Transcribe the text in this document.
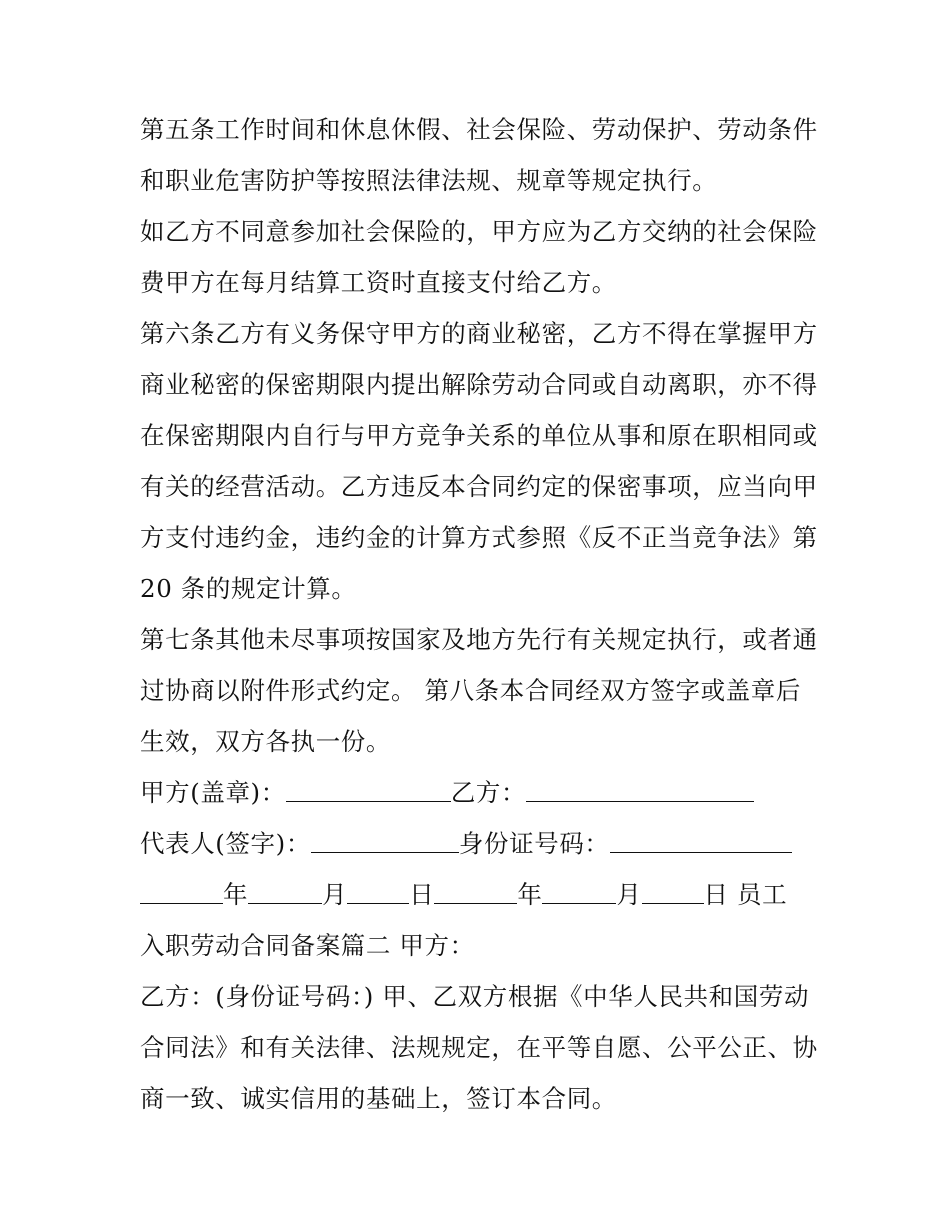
第五条工作时间和休息休假、社会保险、劳动保护、劳动条件
和职业危害防护等按照法律法规、规章等规定执行。
如乙方不同意参加社会保险的，甲方应为乙方交纳的社会保险
费甲方在每月结算工资时直接支付给乙方。
第六条乙方有义务保守甲方的商业秘密，乙方不得在掌握甲方
商业秘密的保密期限内提出解除劳动合同或自动离职，亦不得
在保密期限内自行与甲方竞争关系的单位从事和原在职相同或
有关的经营活动。乙方违反本合同约定的保密事项，应当向甲
方支付违约金，违约金的计算方式参照《反不正当竞争法》第
20 条的规定计算。
第七条其他未尽事项按国家及地方先行有关规定执行，或者通
过协商以附件形式约定。 第八条本合同经双方签字或盖章后
生效，双方各执一份。
甲方(盖章)：	乙方：
代表人(签字)：	身份证号码：
年	月	日	年	月	日 员工
入职劳动合同备案篇二 甲方：
乙方：(身份证号码：) 甲、乙双方根据《中华人民共和国劳动
合同法》和有关法律、法规规定，在平等自愿、公平公正、协
商一致、诚实信用的基础上，签订本合同。
